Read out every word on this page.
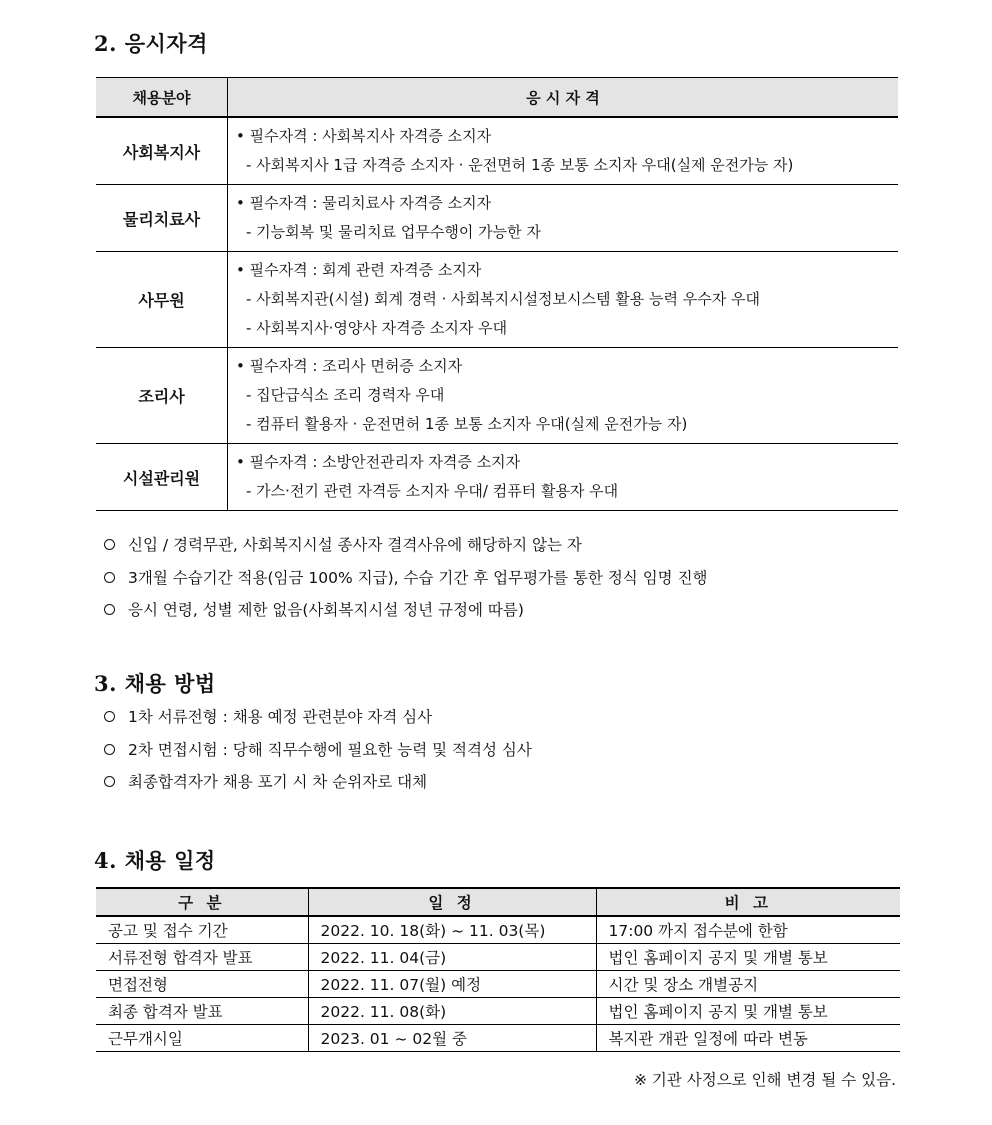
2. 응시자격
채용분야	응 시 자 격
사회복지사	• 필수자격 : 사회복지사 자격증 소지자
- 사회복지사 1급 자격증 소지자 · 운전면허 1종 보통 소지자 우대(실제 운전가능 자)

물리치료사	• 필수자격 : 물리치료사 자격증 소지자
- 기능회복 및 물리치료 업무수행이 가능한 자

사무원	• 필수자격 : 회계 관련 자격증 소지자
- 사회복지관(시설) 회계 경력 · 사회복지시설정보시스템 활용 능력 우수자 우대
- 사회복지사·영양사 자격증 소지자 우대

조리사	• 필수자격 : 조리사 면허증 소지자
- 집단급식소 조리 경력자 우대
- 컴퓨터 활용자 · 운전면허 1종 보통 소지자 우대(실제 운전가능 자)

시설관리원	• 필수자격 : 소방안전관리자 자격증 소지자
- 가스·전기 관련 자격등 소지자 우대/ 컴퓨터 활용자 우대
신입 / 경력무관, 사회복지시설 종사자 결격사유에 해당하지 않는 자
3개월 수습기간 적용(임금 100% 지급), 수습 기간 후 업무평가를 통한 정식 임명 진행
응시 연령, 성별 제한 없음(사회복지시설 정년 규정에 따름)
3. 채용 방법
1차 서류전형 : 채용 예정 관련분야 자격 심사
2차 면접시험 : 당해 직무수행에 필요한 능력 및 적격성 심사
최종합격자가 채용 포기 시 차 순위자로 대체
4. 채용 일정
구 분	일 정	비 고
공고 및 접수 기간	2022. 10. 18(화) ~ 11. 03(목)	17:00 까지 접수분에 한함
서류전형 합격자 발표	2022. 11. 04(금)	법인 홈페이지 공지 및 개별 통보
면접전형	2022. 11. 07(월) 예정	시간 및 장소 개별공지
최종 합격자 발표	2022. 11. 08(화)	법인 홈페이지 공지 및 개별 통보
근무개시일	2023. 01 ~ 02월 중	복지관 개관 일정에 따라 변동
※ 기관 사정으로 인해 변경 될 수 있음.
